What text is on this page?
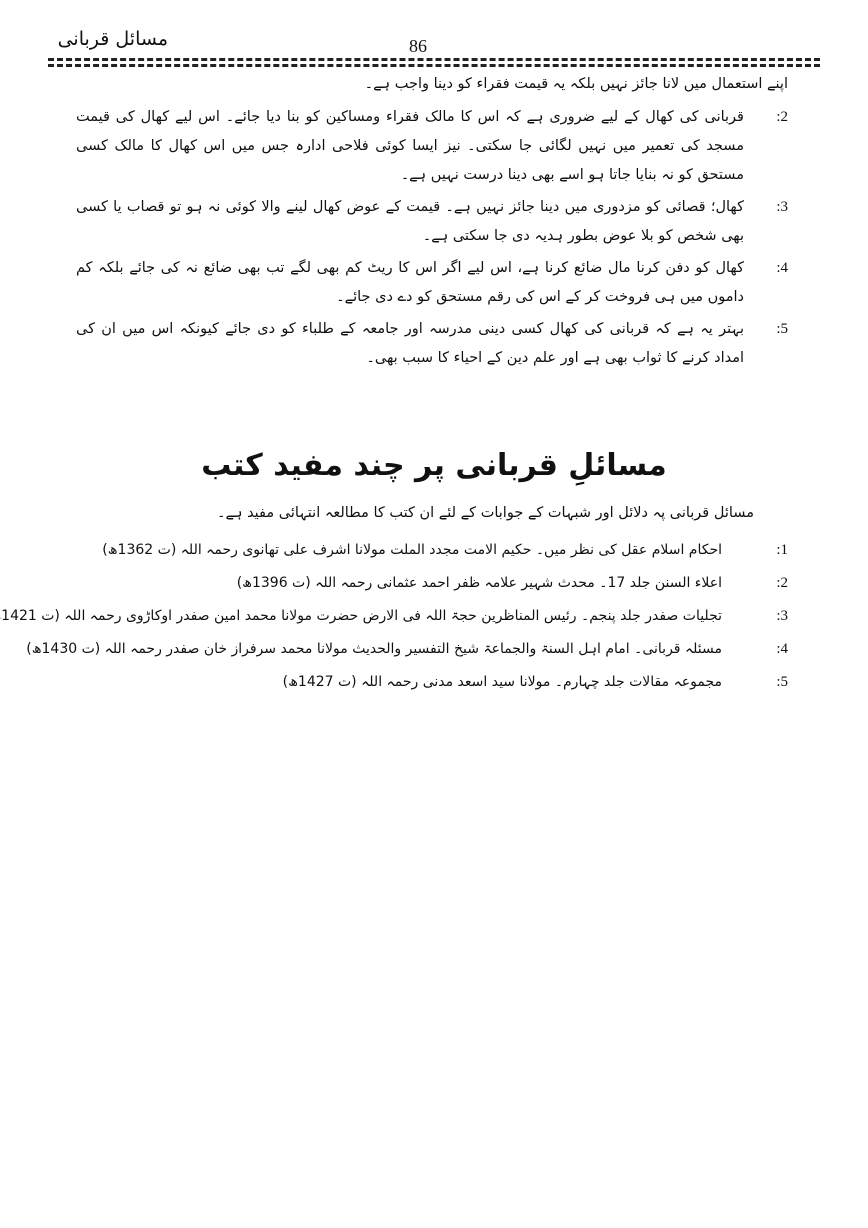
مسائل قربانی	86
اپنے استعمال میں لانا جائز نہیں بلکہ یہ قیمت فقراء کو دینا واجب ہے۔
:2
قربانی کی کھال کے لیے ضروری ہے کہ اس کا مالک فقراء ومساکین کو بنا دیا جائے۔ اس لیے کھال کی قیمت مسجد کی تعمیر میں نہیں لگائی جا سکتی۔ نیز ایسا کوئی فلاحی ادارہ جس میں اس کھال کا مالک کسی مستحق کو نہ بنایا جاتا ہو اسے بھی دینا درست نہیں ہے۔
:3
کھال؛ قصائی کو مزدوری میں دینا جائز نہیں ہے۔ قیمت کے عوض کھال لینے والا کوئی نہ ہو تو قصاب یا کسی بھی شخص کو بلا عوض بطور ہدیہ دی جا سکتی ہے۔
:4
کھال کو دفن کرنا مال ضائع کرنا ہے، اس لیے اگر اس کا ریٹ کم بھی لگے تب بھی ضائع نہ کی جائے بلکہ کم داموں میں ہی فروخت کر کے اس کی رقم مستحق کو دے دی جائے۔
:5
بہتر یہ ہے کہ قربانی کی کھال کسی دینی مدرسہ اور جامعہ کے طلباء کو دی جائے کیونکہ اس میں ان کی امداد کرنے کا ثواب بھی ہے اور علم دین کے احیاء کا سبب بھی۔
مسائلِ قربانی پر چند مفید کتب
مسائل قربانی پہ دلائل اور شبہات کے جوابات کے لئے ان کتب کا مطالعہ انتہائی مفید ہے۔
:1
احکام اسلام عقل کی نظر میں۔ حکیم الامت مجدد الملت مولانا اشرف علی تھانوی رحمہ اللہ (ت 1362ھ)
:2
اعلاء السنن جلد 17۔ محدث شہیر علامہ ظفر احمد عثمانی رحمہ اللہ (ت 1396ھ)
:3
تجلیات صفدر جلد پنجم۔ رئیس المناظرین حجۃ اللہ فی الارض حضرت مولانا محمد امین صفدر اوکاڑوی رحمہ اللہ (ت 1421
:4
مسئلہ قربانی۔ امام اہل السنۃ والجماعۃ شیخ التفسیر والحدیث مولانا محمد سرفراز خان صفدر رحمہ اللہ (ت 1430ھ)
:5
مجموعہ مقالات جلد چہارم۔ مولانا سید اسعد مدنی رحمہ اللہ (ت 1427ھ)
